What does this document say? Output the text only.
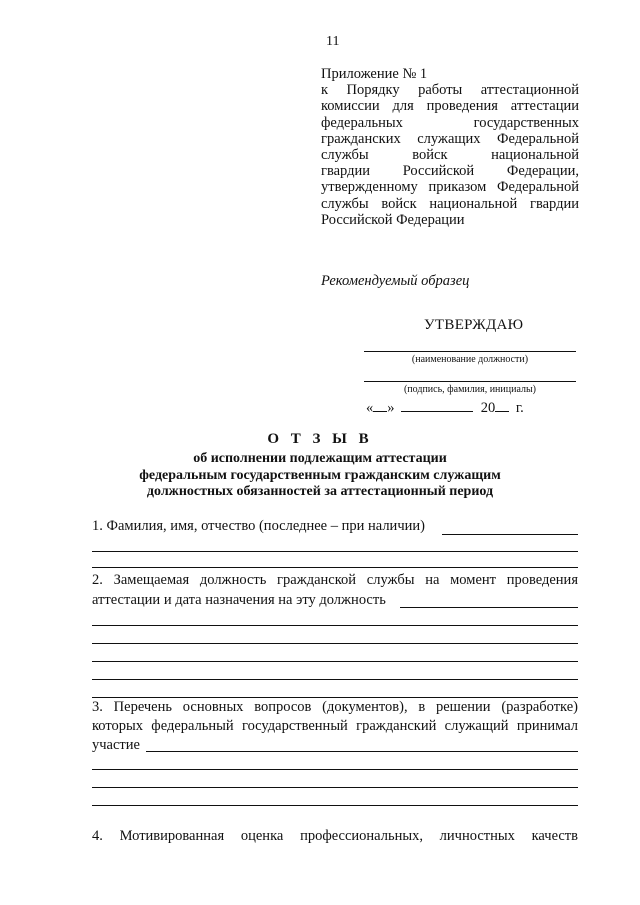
11
Приложение № 1
к Порядку работы аттестационной
комиссии для проведения аттестации
федеральных государственных
гражданских служащих Федеральной
службы войск национальной
гвардии Российской Федерации,
утвержденному приказом Федеральной
службы войск национальной гвардии
Российской Федерации
Рекомендуемый образец
УТВЕРЖДАЮ
(наименование должности)
(подпись, фамилия, инициалы)
« »	20 г.
О Т З Ы В
об исполнении подлежащим аттестации
федеральным государственным гражданским служащим
должностных обязанностей за аттестационный период
1. Фамилия, имя, отчество (последнее – при наличии)
2. Замещаемая должность гражданской службы на момент проведения
аттестации и дата назначения на эту должность
3. Перечень основных вопросов (документов), в решении (разработке)
которых федеральный государственный гражданский служащий принимал
участие
4. Мотивированная оценка профессиональных, личностных качеств
